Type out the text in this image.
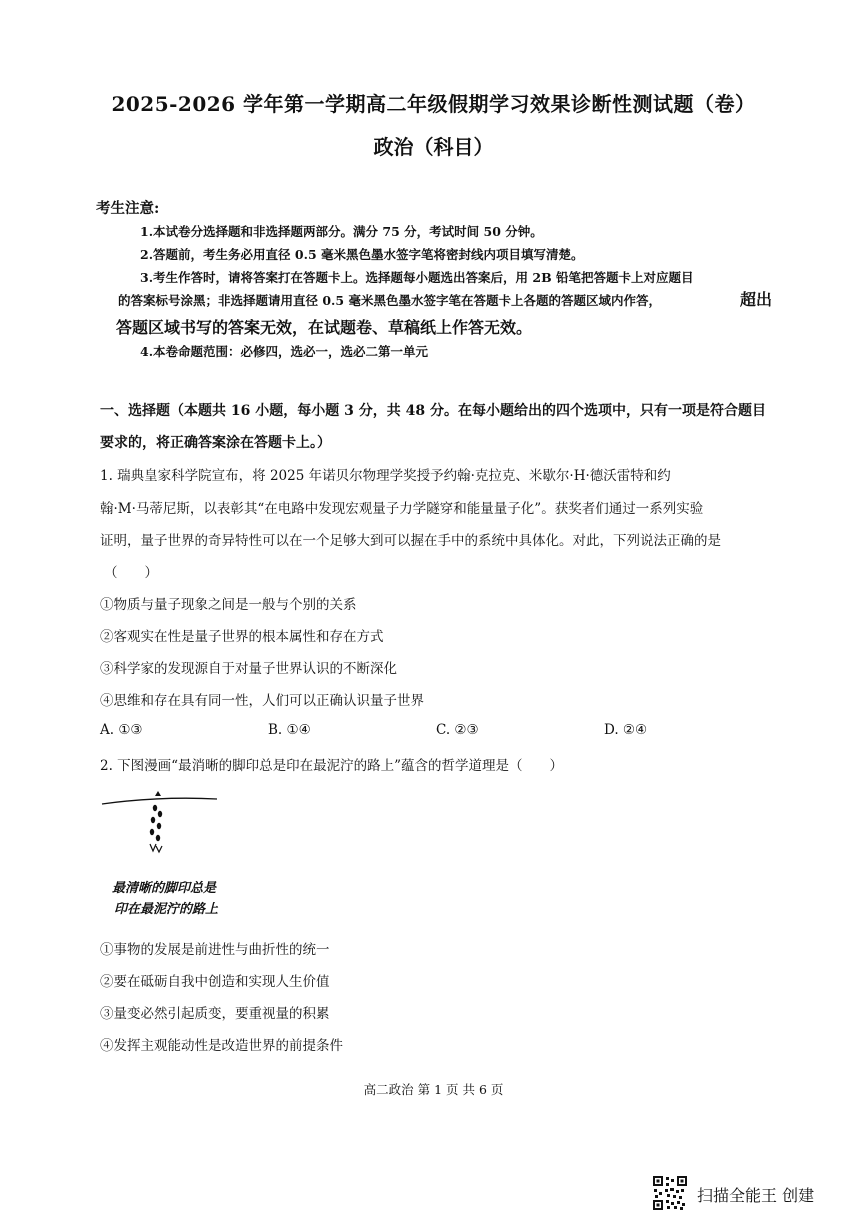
2025-2026 学年第一学期高二年级假期学习效果诊断性测试题（卷）
政治（科目）
考生注意:
1.本试卷分选择题和非选择题两部分。满分 75 分，考试时间 50 分钟。
2.答题前，考生务必用直径 0.5 毫米黑色墨水签字笔将密封线内项目填写清楚。
3.考生作答时，请将答案打在答题卡上。选择题每小题选出答案后，用 2B 铅笔把答题卡上对应题目
的答案标号涂黑；非选择题请用直径 0.5 毫米黑色墨水签字笔在答题卡上各题的答题区域内作答，	超出
答题区域书写的答案无效，在试题卷、草稿纸上作答无效。
4.本卷命题范围：必修四，选必一，选必二第一单元
一、选择题（本题共 16 小题，每小题 3 分，共 48 分。在每小题给出的四个选项中，只有一项是符合题目
要求的，将正确答案涂在答题卡上。）
1. 瑞典皇家科学院宣布，将 2025 年诺贝尔物理学奖授予约翰·克拉克、米歇尔·H·德沃雷特和约
翰·M·马蒂尼斯，以表彰其“在电路中发现宏观量子力学隧穿和能量量子化”。获奖者们通过一系列实验
证明，量子世界的奇异特性可以在一个足够大到可以握在手中的系统中具体化。对此，下列说法正确的是
（　　）
①物质与量子现象之间是一般与个别的关系
②客观实在性是量子世界的根本属性和存在方式
③科学家的发现源自于对量子世界认识的不断深化
④思维和存在具有同一性，人们可以正确认识量子世界
A. ①③	B. ①④	C. ②③	D. ②④
2. 下图漫画“最消晰的脚印总是印在最泥泞的路上”蕴含的哲学道理是（　　）
最清晰的脚印总是
印在最泥泞的路上
①事物的发展是前进性与曲折性的统一
②要在砥砺自我中创造和实现人生价值
③量变必然引起质变，要重视量的积累
④发挥主观能动性是改造世界的前提条件
高二政治 第 1 页 共 6 页
扫描全能王 创建
